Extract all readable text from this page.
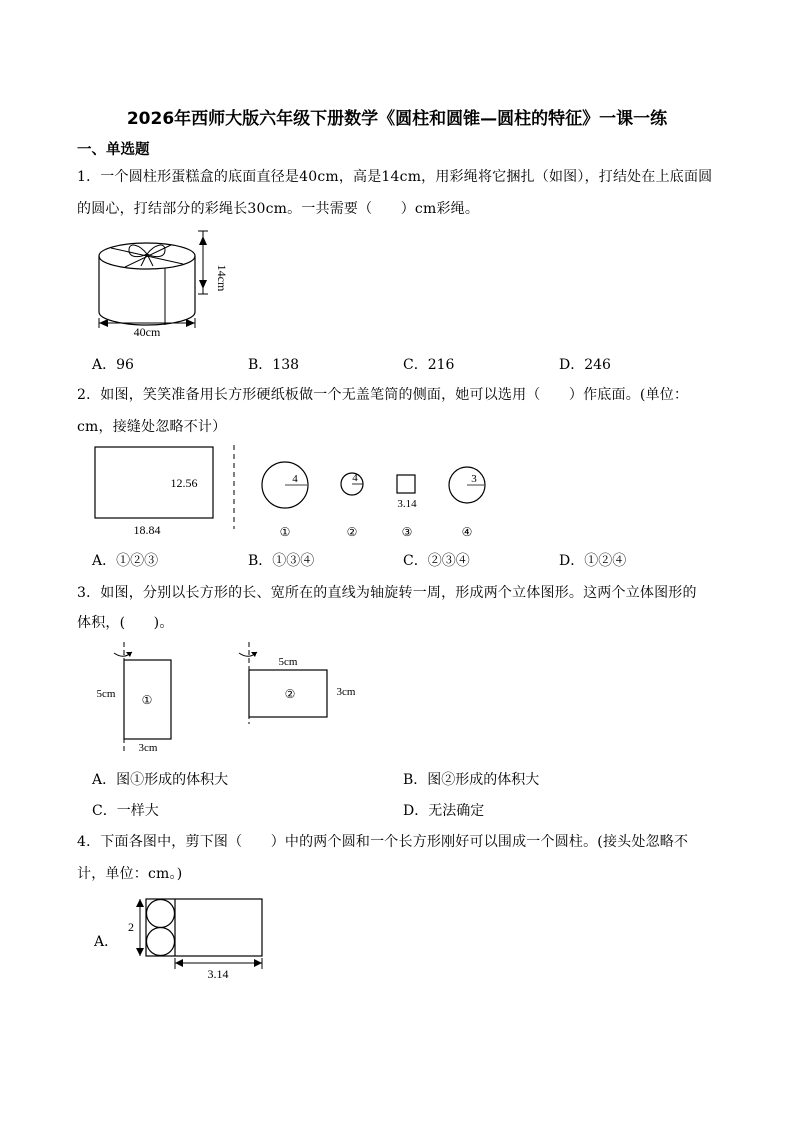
2026年西师大版六年级下册数学《圆柱和圆锥—圆柱的特征》一课一练
一、单选题
1．一个圆柱形蛋糕盒的底面直径是40cm，高是14cm，用彩绳将它捆扎（如图），打结处在上底面圆
的圆心，打结部分的彩绳长30cm。一共需要（　　）cm彩绳。
14cm
40cm
A．96	B．138	C．216	D．246
2．如图，笑笑准备用长方形硬纸板做一个无盖笔筒的侧面，她可以选用（　　）作底面。(单位：
cm，接缝处忽略不计）
12.56
18.84
4
①
4
②
3.14
③
3
④
A．①②③	B．①③④	C．②③④	D．①②④
3．如图，分别以长方形的长、宽所在的直线为轴旋转一周，形成两个立体图形。这两个立体图形的
体积，(　　)。
①
5cm
3cm
②
5cm
3cm
A．图①形成的体积大	B．图②形成的体积大
C．一样大	D．无法确定
4．下面各图中，剪下图（　　）中的两个圆和一个长方形刚好可以围成一个圆柱。(接头处忽略不
计，单位：cm。)
A．
2
3.14
